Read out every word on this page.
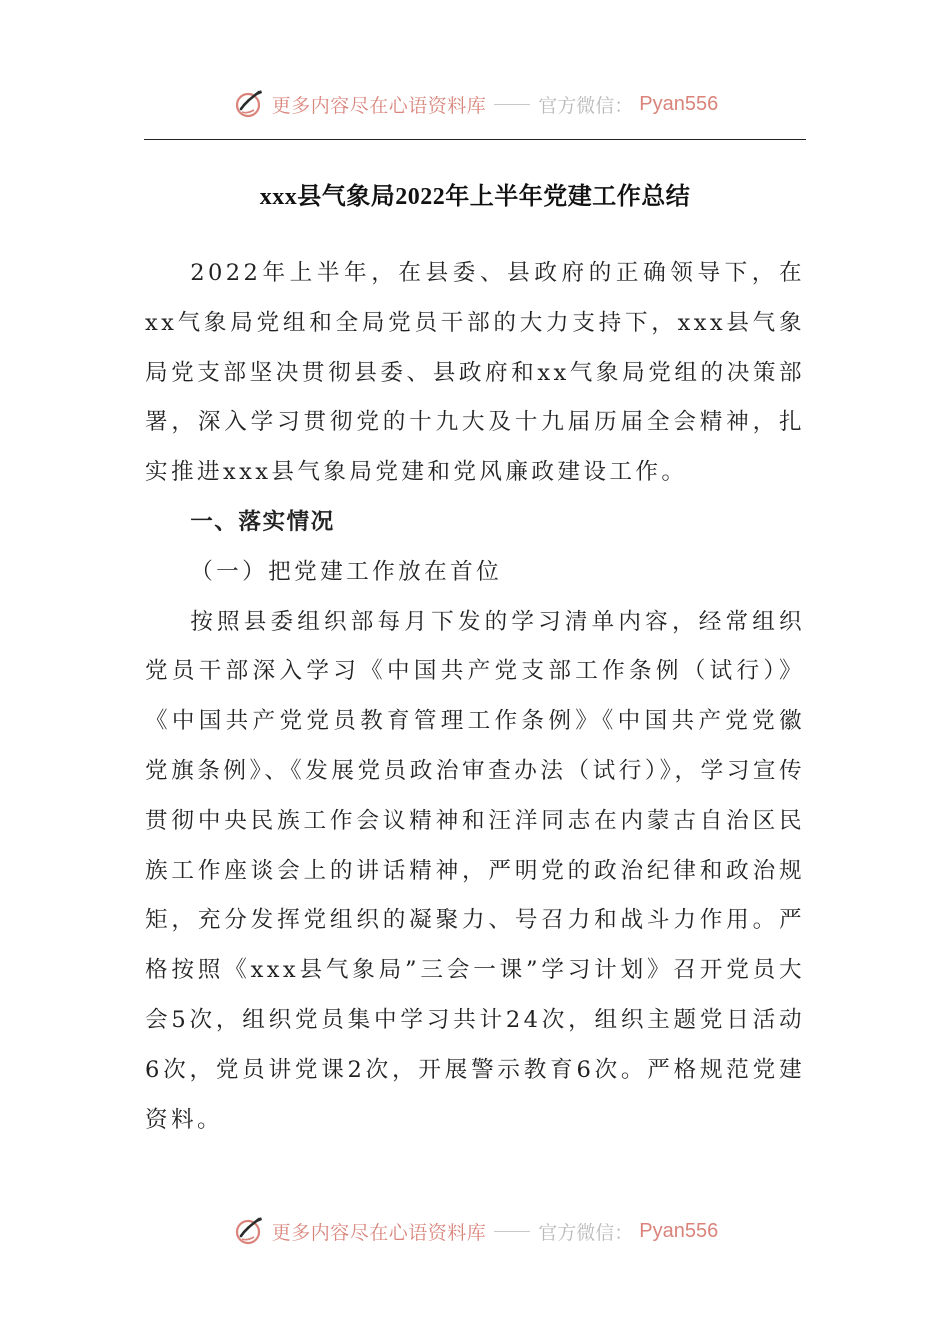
更多内容尽在心语资料库	官方微信： Pyan556
xxx县气象局2022年上半年党建工作总结

2022年上半年，在县委、县政府的正确领导下，在xx气象局党组和全局党员干部的大力支持下，xxx县气象局党支部坚决贯彻县委、县政府和xx气象局党组的决策部署，深入学习贯彻党的十九大及十九届历届全会精神，扎实推进xxx县气象局党建和党风廉政建设工作。

一、落实情况
（一）把党建工作放在首位

按照县委组织部每月下发的学习清单内容，经常组织党员干部深入学习《中国共产党支部工作条例（试行）》《中国共产党党员教育管理工作条例》《中国共产党党徽党旗条例》、《发展党员政治审查办法（试行）》，学习宣传贯彻中央民族工作会议精神和汪洋同志在内蒙古自治区民族工作座谈会上的讲话精神，严明党的政治纪律和政治规矩，充分发挥党组织的凝聚力、号召力和战斗力作用。严格按照《xxx县气象局”三会一课”学习计划》召开党员大会5次，组织党员集中学习共计24次，组织主题党日活动6次，党员讲党课2次，开展警示教育6次。严格规范党建资料。

更多内容尽在心语资料库	官方微信： Pyan556
